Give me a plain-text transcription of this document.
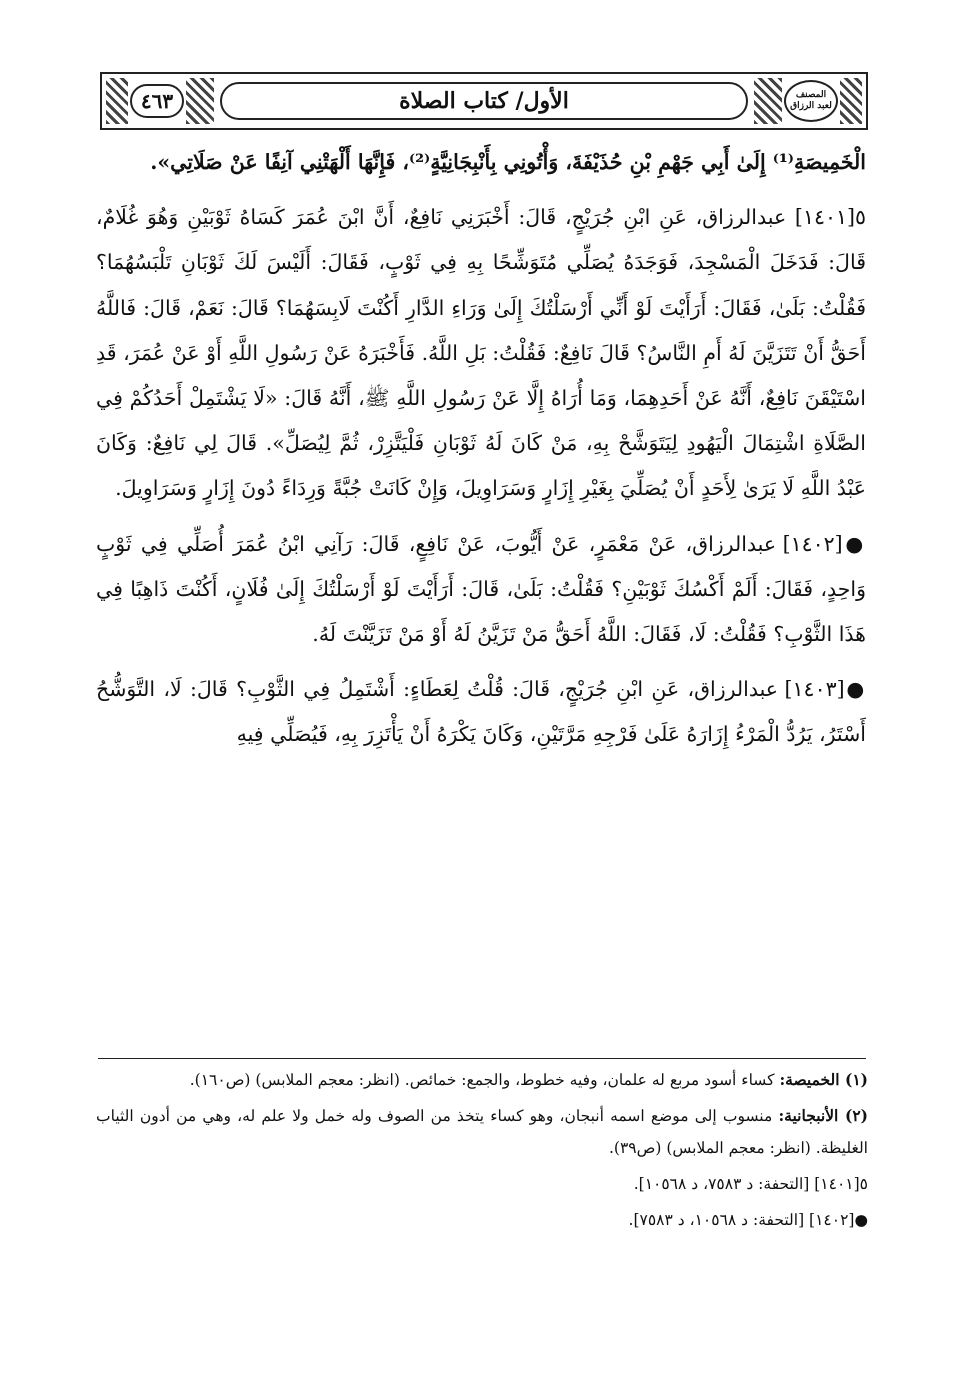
٤٦٣	الأول/ كتاب الصلاة	المصنف
لعبد الرزاق

الْخَمِيصَةِ⁽¹⁾ إِلَىٰ أَبِي جَهْمِ بْنِ حُذَيْفَةَ، وَأْتُونِي بِأَنْبِجَانِيَّةٍ⁽²⁾، فَإِنَّهَا أَلْهَتْنِي آنِفًا عَنْ صَلَاتِي».

٥[١٤٠١] عبدالرزاق، عَنِ ابْنِ جُرَيْجٍ، قَالَ: أَخْبَرَنِي نَافِعٌ، أَنَّ ابْنَ عُمَرَ كَسَاهُ ثَوْبَيْنِ وَهُوَ غُلَامٌ، قَالَ: فَدَخَلَ الْمَسْجِدَ، فَوَجَدَهُ يُصَلِّي مُتَوَشِّحًا بِهِ فِي ثَوْبٍ، فَقَالَ: أَلَيْسَ لَكَ ثَوْبَانِ تَلْبَسُهُمَا؟ فَقُلْتُ: بَلَىٰ، فَقَالَ: أَرَأَيْتَ لَوْ أَنِّي أَرْسَلْتُكَ إِلَىٰ وَرَاءِ الدَّارِ أَكُنْتَ لَابِسَهُمَا؟ قَالَ: نَعَمْ، قَالَ: فَاللَّهُ أَحَقُّ أَنْ تَتَزَيَّنَ لَهُ أَمِ النَّاسُ؟ قَالَ نَافِعٌ: فَقُلْتُ: بَلِ اللَّهُ. فَأَخْبَرَهُ عَنْ رَسُولِ اللَّهِ أَوْ عَنْ عُمَرَ، قَدِ اسْتَيْقَنَ نَافِعٌ، أَنَّهُ عَنْ أَحَدِهِمَا، وَمَا أُرَاهُ إِلَّا عَنْ رَسُولِ اللَّهِ ﷺ، أَنَّهُ قَالَ: «لَا يَشْتَمِلْ أَحَدُكُمْ فِي الصَّلَاةِ اشْتِمَالَ الْيَهُودِ لِيَتَوَشَّحْ بِهِ، مَنْ كَانَ لَهُ ثَوْبَانِ فَلْيَتَّزِرْ، ثُمَّ لِيُصَلِّ». قَالَ لِي نَافِعٌ: وَكَانَ عَبْدُ اللَّهِ لَا يَرَىٰ لِأَحَدٍ أَنْ يُصَلِّيَ بِغَيْرِ إِزَارٍ وَسَرَاوِيلَ، وَإِنْ كَانَتْ جُبَّةً وَرِدَاءً دُونَ إِزَارٍ وَسَرَاوِيلَ.

●[١٤٠٢] عبدالرزاق، عَنْ مَعْمَرٍ، عَنْ أَيُّوبَ، عَنْ نَافِعٍ، قَالَ: رَآنِي ابْنُ عُمَرَ أُصَلِّي فِي ثَوْبٍ وَاحِدٍ، فَقَالَ: أَلَمْ أَكْسُكَ ثَوْبَيْنِ؟ فَقُلْتُ: بَلَىٰ، قَالَ: أَرَأَيْتَ لَوْ أَرْسَلْتُكَ إِلَىٰ فُلَانٍ، أَكُنْتَ ذَاهِبًا فِي هَذَا الثَّوْبِ؟ فَقُلْتُ: لَا، فَقَالَ: اللَّهُ أَحَقُّ مَنْ تَزَيَّنُ لَهُ أَوْ مَنْ تَزَيَّنْتَ لَهُ.

●[١٤٠٣] عبدالرزاق، عَنِ ابْنِ جُرَيْجٍ، قَالَ: قُلْتُ لِعَطَاءٍ: أَشْتَمِلُ فِي الثَّوْبِ؟ قَالَ: لَا، التَّوَشُّحُ أَسْتَرُ، يَرُدُّ الْمَرْءُ إِزَارَهُ عَلَىٰ فَرْجِهِ مَرَّتَيْنِ، وَكَانَ يَكْرَهُ أَنْ يَأْتَزِرَ بِهِ، فَيُصَلِّي فِيهِ

(١) الخميصة: كساء أسود مربع له علمان، وفيه خطوط، والجمع: خمائص. (انظر: معجم الملابس) (ص١٦٠).

(٢) الأنبجانية: منسوب إلى موضع اسمه أنبجان، وهو كساء يتخذ من الصوف وله خمل ولا علم له، وهي من أدون الثياب الغليظة. (انظر: معجم الملابس) (ص٣٩).

٥[١٤٠١] [التحفة: د ٧٥٨٣، د ١٠٥٦٨].

●[١٤٠٢] [التحفة: د ١٠٥٦٨، د ٧٥٨٣].
